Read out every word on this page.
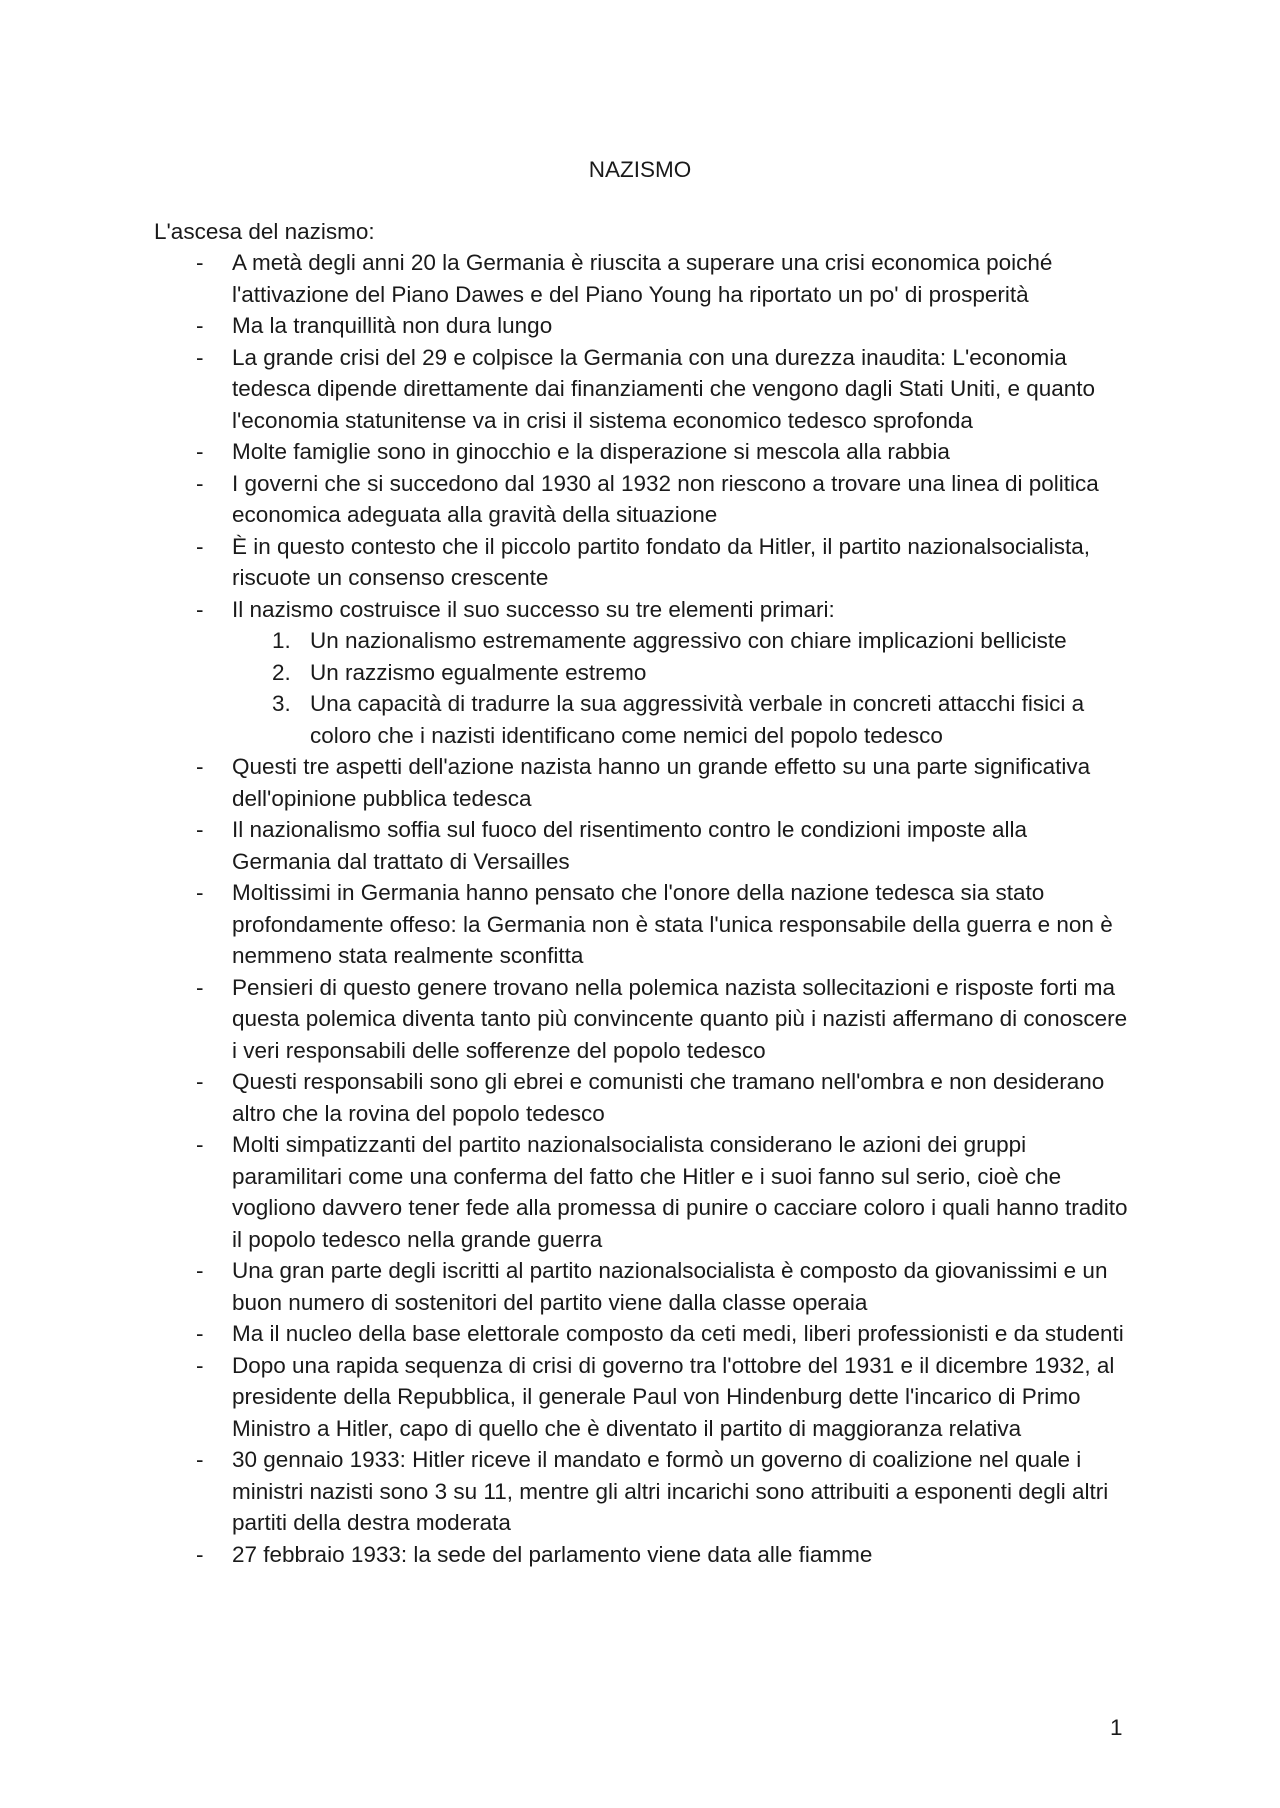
NAZISMO
L'ascesa del nazismo:
- A metà degli anni 20 la Germania è riuscita a superare una crisi economica poiché l'attivazione del Piano Dawes e del Piano Young ha riportato un po' di prosperità
- Ma la tranquillità non dura lungo
- La grande crisi del 29 e colpisce la Germania con una durezza inaudita: L'economia tedesca dipende direttamente dai finanziamenti che vengono dagli Stati Uniti, e quanto l'economia statunitense va in crisi il sistema economico tedesco sprofonda
- Molte famiglie sono in ginocchio e la disperazione si mescola alla rabbia
- I governi che si succedono dal 1930 al 1932 non riescono a trovare una linea di politica economica adeguata alla gravità della situazione
- È in questo contesto che il piccolo partito fondato da Hitler, il partito nazionalsocialista, riscuote un consenso crescente
- Il nazismo costruisce il suo successo su tre elementi primari:
1. Un nazionalismo estremamente aggressivo con chiare implicazioni belliciste
2. Un razzismo egualmente estremo
3. Una capacità di tradurre la sua aggressività verbale in concreti attacchi fisici a coloro che i nazisti identificano come nemici del popolo tedesco
- Questi tre aspetti dell'azione nazista hanno un grande effetto su una parte significativa dell'opinione pubblica tedesca
- Il nazionalismo soffia sul fuoco del risentimento contro le condizioni imposte alla Germania dal trattato di Versailles
- Moltissimi in Germania hanno pensato che l'onore della nazione tedesca sia stato profondamente offeso: la Germania non è stata l'unica responsabile della guerra e non è nemmeno stata realmente sconfitta
- Pensieri di questo genere trovano nella polemica nazista sollecitazioni e risposte forti ma questa polemica diventa tanto più convincente quanto più i nazisti affermano di conoscere i veri responsabili delle sofferenze del popolo tedesco
- Questi responsabili sono gli ebrei e comunisti che tramano nell'ombra e non desiderano altro che la rovina del popolo tedesco
- Molti simpatizzanti del partito nazionalsocialista considerano le azioni dei gruppi paramilitari come una conferma del fatto che Hitler e i suoi fanno sul serio, cioè che vogliono davvero tener fede alla promessa di punire o cacciare coloro i quali hanno tradito il popolo tedesco nella grande guerra
- Una gran parte degli iscritti al partito nazionalsocialista è composto da giovanissimi e un buon numero di sostenitori del partito viene dalla classe operaia
- Ma il nucleo della base elettorale composto da ceti medi, liberi professionisti e da studenti
- Dopo una rapida sequenza di crisi di governo tra l'ottobre del 1931 e il dicembre 1932, al presidente della Repubblica, il generale Paul von Hindenburg dette l'incarico di Primo Ministro a Hitler, capo di quello che è diventato il partito di maggioranza relativa
- 30 gennaio 1933: Hitler riceve il mandato e formò un governo di coalizione nel quale i ministri nazisti sono 3 su 11, mentre gli altri incarichi sono attribuiti a esponenti degli altri partiti della destra moderata
- 27 febbraio 1933: la sede del parlamento viene data alle fiamme
1
